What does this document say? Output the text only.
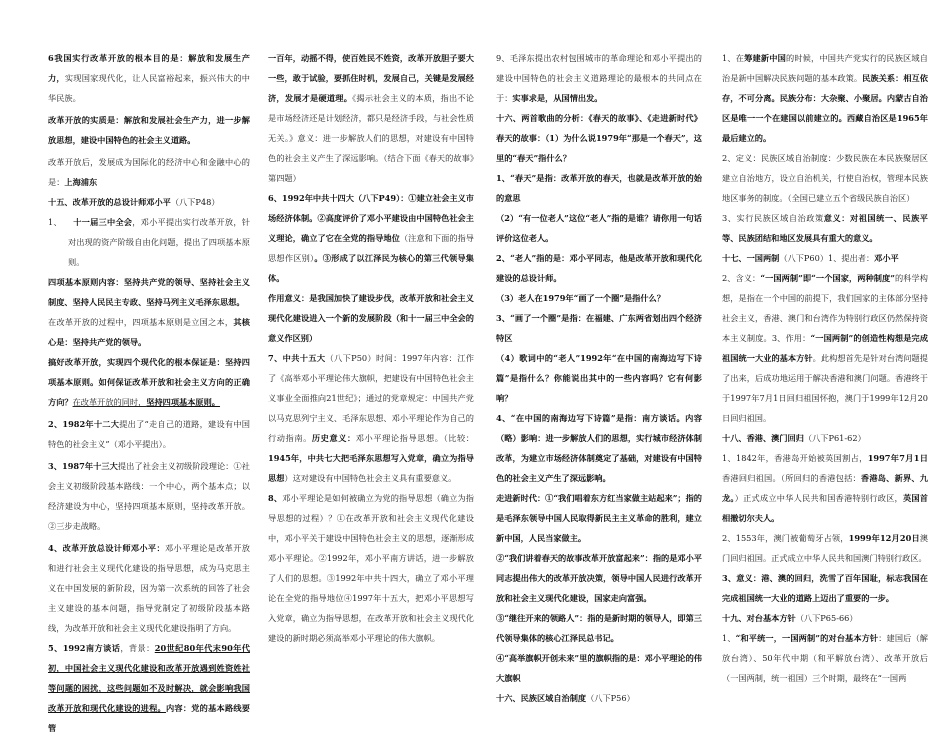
6我国实行改革开放的根本目的是：解放和发展生产力，实现国家现代化，让人民富裕起来，振兴伟大的中华民族。

改革开放的实质是：解放和发展社会生产力，进一步解放思想，建设中国特色的社会主义道路。

改革开放后，发展成为国际化的经济中心和金融中心的是：上海浦东

十五、改革开放的总设计师邓小平（八下P48）

1、 十一届三中全会，邓小平提出实行改革开放，针对出现的资产阶级自由化问题，提出了四项基本原则。

四项基本原则内容：坚持共产党的领导、坚持社会主义制度、坚持人民民主专政、坚持马列主义毛泽东思想。

在改革开放的过程中，四项基本原则是立国之本，其核心是：坚持共产党的领导。

搞好改革开放，实现四个现代化的根本保证是：坚持四项基本原则。如何保证改革开放和社会主义方向的正确方向？在改革开放的同时，坚持四项基本原则。

2、1982年十二大提出了“走自己的道路，建设有中国特色的社会主义”（邓小平提出）。

3、1987年十三大提出了社会主义初级阶段理论：①社会主义初级阶段基本路线：一个中心，两个基本点；以经济建设为中心，坚持四项基本原则，坚持改革开放。②三步走战略。

4、改革开放总设计师邓小平：邓小平理论是改革开放和进行社会主义现代化建设的指导思想，成为马克思主义在中国发展的新阶段，因为第一次系统的回答了社会主义建设的基本问题，指导党制定了初级阶段基本路线，为改革开放和社会主义现代化建设指明了方向。

5、1992南方谈话，背景：20世纪80年代末90年代初，中国社会主义现代化建设和改革开放遇到姓资姓社等问题的困扰，这些问题如不及时解决，就会影响我国改革开放和现代化建设的进程。内容：党的基本路线要管

一百年，动摇不得，使百姓民不姓资，改革开放胆子要大一些，敢于试验，要抓住时机，发展自己，关键是发展经济，发展才是硬道理。《揭示社会主义的本质，指出不论是市场经济还是计划经济，都只是经济手段，与社会性质无关。》意义：进一步解放人们的思想，对建设有中国特色的社会主义产生了深远影响。（结合下面《春天的故事》第四题）

6、1992年中共十四大（八下P49）：①建立社会主义市场经济体制。②高度评价了邓小平建设由中国特色社会主义理论，确立了它在全党的指导地位（注意和下面的指导思想作区别）。③形成了以江泽民为核心的第三代领导集体。

作用意义：是我国加快了建设步伐，改革开放和社会主义现代化建设进入一个新的发展阶段（和十一届三中全会的意义作区别）

7、中共十五大（八下P50）时间：1997年内容：江作了《高举邓小平理论伟大旗帜，把建设有中国特色社会主义事业全面推向21世纪》；通过的党章规定：中国共产党以马克思列宁主义、毛泽东思想、邓小平理论作为自己的行动指南。历史意义：邓小平理论指导思想。（比较：1945年，中共七大把毛泽东思想写入党章，确立为指导思想）这对建设有中国特色社会主义具有重要意义。

8、邓小平理论是如何被确立为党的指导思想（确立为指导思想的过程）？①在改革开放和社会主义现代化建设中，邓小平关于建设中国特色社会主义的思想，逐渐形成邓小平理论。②1992年，邓小平南方讲话，进一步解放了人们的思想。③1992年中共十四大，确立了邓小平理论在全党的指导地位④1997年十五大，把邓小平思想写入党章，确立为指导思想，在改革开放和社会主义现代化建设的新时期必须高举邓小平理论的伟大旗帜。

9、毛泽东提出农村包围城市的革命理论和邓小平提出的建设中国特色的社会主义道路理论的最根本的共同点在于：实事求是，从国情出发。

十六、两首歌曲的分析：《春天的故事》、《走进新时代》春天的故事：（1）为什么说1979年“那是一个春天”，这里的“春天”指什么？

1、“春天”是指：改革开放的春天，也就是改革开放的始的意思

（2）“有一位老人”这位“老人”指的是谁？请你用一句话评价这位老人。

2、“老人”指的是：邓小平同志，他是改革开放和现代化建设的总设计师。

（3）老人在1979年“画了一个圈”是指什么？

3、“画了一个圈”是指：在福建、广东两省划出四个经济特区

（4）歌词中的“老人”1992年“在中国的南海边写下诗篇”是指什么？你能说出其中的一些内容吗？它有何影响？

4、“在中国的南海边写下诗篇”是指：南方谈话。内容（略）影响：进一步解放人们的思想，实行城市经济体制改革，为建立市场经济体制奠定了基础，对建设有中国特色的社会主义产生了深远影响。

走进新时代：①“我们唱着东方红当家做主站起来”；指的是毛泽东领导中国人民取得新民主主义革命的胜利，建立新中国，人民当家做主。

②“我们讲着春天的故事改革开放富起来”：指的是邓小平同志提出伟大的改革开放决策，领导中国人民进行改革开放和社会主义现代化建设，国家走向富强。

③“继往开来的领路人”：指的是新时期的领导人，即第三代领导集体的核心江泽民总书记。

④“高举旗帜开创未来”里的旗帜指的是：邓小平理论的伟大旗帜

十六、民族区域自治制度（八下P56）

1、在筹建新中国的时候，中国共产党实行的民族区域自治是新中国解决民族问题的基本政策。民族关系：相互依存，不可分离。民族分布：大杂聚、小聚居。内蒙古自治区是唯一一个在建国以前建立的。西藏自治区是1965年最后建立的。

2、定义：民族区域自治制度：少数民族在本民族聚居区建立自治地方，设立自治机关，行使自治权，管理本民族地区事务的制度。（全国已建立五个省级民族自治区）

3、实行民族区域自治政策意义：对祖国统一、民族平等、民族团结和地区发展具有重大的意义。

十七、一国两制（八下P60）1、提出者：邓小平

2、含义：“一国两制”即“一个国家，两种制度”的科学构想，是指在一个中国的前提下，我们国家的主体部分坚持社会主义，香港、澳门和台湾作为特别行政区仍然保持资本主义制度。3、作用：“一国两制”的创造性构想是完成祖国统一大业的基本方针。此构想首先是针对台湾问题提了出来，后成功地运用于解决香港和澳门问题。香港终于于1997年7月1日回归祖国怀抱，澳门于1999年12月20日回归祖国。

十八、香港、澳门回归（八下P61-62）

1、1842年，香港岛开始被英国割占，1997年7月1日香港回归祖国。（所回归的香港包括：香港岛、新界、九龙。）正式成立中华人民共和国香港特别行政区，英国首相撤切尔夫人。

2、1553年，澳门被葡萄牙占领，1999年12月20日澳门回归祖国。正式成立中华人民共和国澳门特别行政区。

3、意义：港、澳的回归，洗雪了百年国耻，标志我国在完成祖国统一大业的道路上迈出了重要的一步。

十九、对台基本方针（八下P65-66）

1、“和平统一，一国两制”的对台基本方针：建国后（解放台湾）、50年代中期（和平解放台湾）、改革开放后（一国两制，统一祖国）三个时期，最终在“一国两
